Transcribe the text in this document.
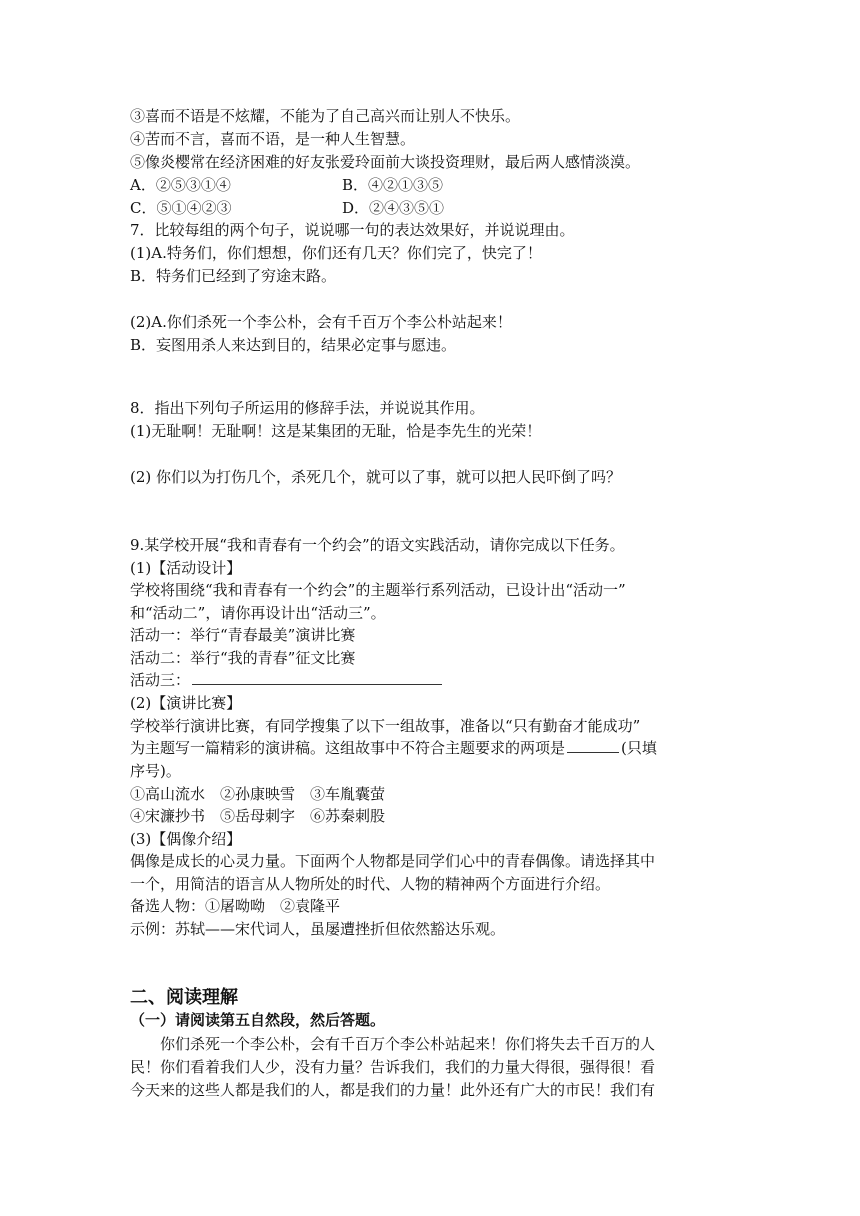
③喜而不语是不炫耀，不能为了自己高兴而让别人不快乐。
④苦而不言，喜而不语，是一种人生智慧。
⑤像炎樱常在经济困难的好友张爱玲面前大谈投资理财，最后两人感情淡漠。
A．②⑤③①④	B．④②①③⑤
C．⑤①④②③	D．②④③⑤①
7．比较每组的两个句子，说说哪一句的表达效果好，并说说理由。
(1)A.特务们，你们想想，你们还有几天？你们完了，快完了！
B．特务们已经到了穷途末路。
(2)A.你们杀死一个李公朴，会有千百万个李公朴站起来！
B．妄图用杀人来达到目的，结果必定事与愿违。
8．指出下列句子所运用的修辞手法，并说说其作用。
(1)无耻啊！无耻啊！这是某集团的无耻，恰是李先生的光荣！
(2) 你们以为打伤几个，杀死几个，就可以了事，就可以把人民吓倒了吗？
9.某学校开展“我和青春有一个约会”的语文实践活动，请你完成以下任务。
(1)【活动设计】
学校将围绕“我和青春有一个约会”的主题举行系列活动，已设计出“活动一”
和“活动二”，请你再设计出“活动三”。
活动一：举行“青春最美”演讲比赛
活动二：举行“我的青春”征文比赛
活动三：
(2)【演讲比赛】
学校举行演讲比赛，有同学搜集了以下一组故事，准备以“只有勤奋才能成功”
为主题写一篇精彩的演讲稿。这组故事中不符合主题要求的两项是	(只填
序号)。
①高山流水　②孙康映雪　③车胤囊萤
④宋濂抄书　⑤岳母刺字　⑥苏秦刺股
(3)【偶像介绍】
偶像是成长的心灵力量。下面两个人物都是同学们心中的青春偶像。请选择其中
一个，用简洁的语言从人物所处的时代、人物的精神两个方面进行介绍。
备选人物：①屠呦呦　②袁隆平
示例：苏轼——宋代词人，虽屡遭挫折但依然豁达乐观。
二、阅读理解
（一）请阅读第五自然段，然后答题。
你们杀死一个李公朴，会有千百万个李公朴站起来！你们将失去千百万的人
民！你们看着我们人少，没有力量？告诉我们，我们的力量大得很，强得很！看
今天来的这些人都是我们的人，都是我们的力量！此外还有广大的市民！我们有
